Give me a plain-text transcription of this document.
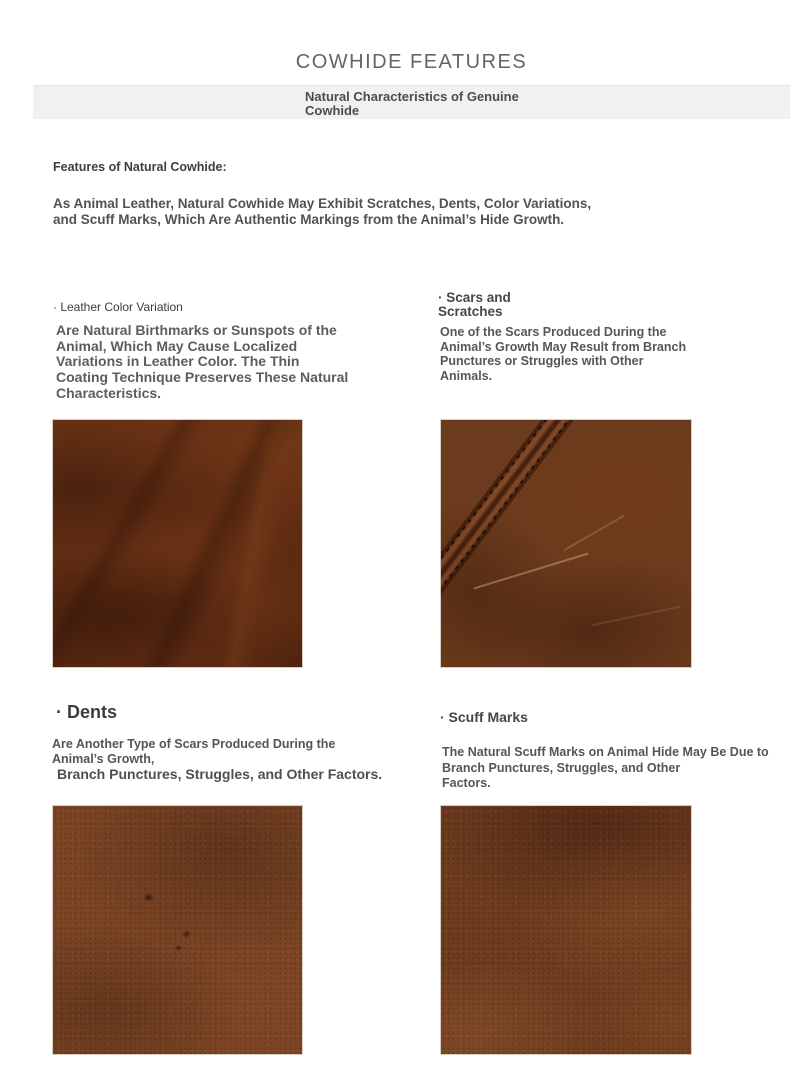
COWHIDE FEATURES
Natural Characteristics of Genuine
Cowhide
Features of Natural Cowhide:
As Animal Leather, Natural Cowhide May Exhibit Scratches, Dents, Color Variations,
and Scuff Marks, Which Are Authentic Markings from the Animal’s Hide Growth.
· Leather Color Variation
Are Natural Birthmarks or Sunspots of the
Animal, Which May Cause Localized
Variations in Leather Color. The Thin
Coating Technique Preserves These Natural
Characteristics.
· Scars and Scratches
One of the Scars Produced During the
Animal’s Growth May Result from Branch
Punctures or Struggles with Other
Animals.
· Dents
Are Another Type of Scars Produced During the
Animal’s Growth,
Branch Punctures, Struggles, and Other Factors.
· Scuff Marks
The Natural Scuff Marks on Animal Hide May Be Due to
Branch Punctures, Struggles, and Other
Factors.
